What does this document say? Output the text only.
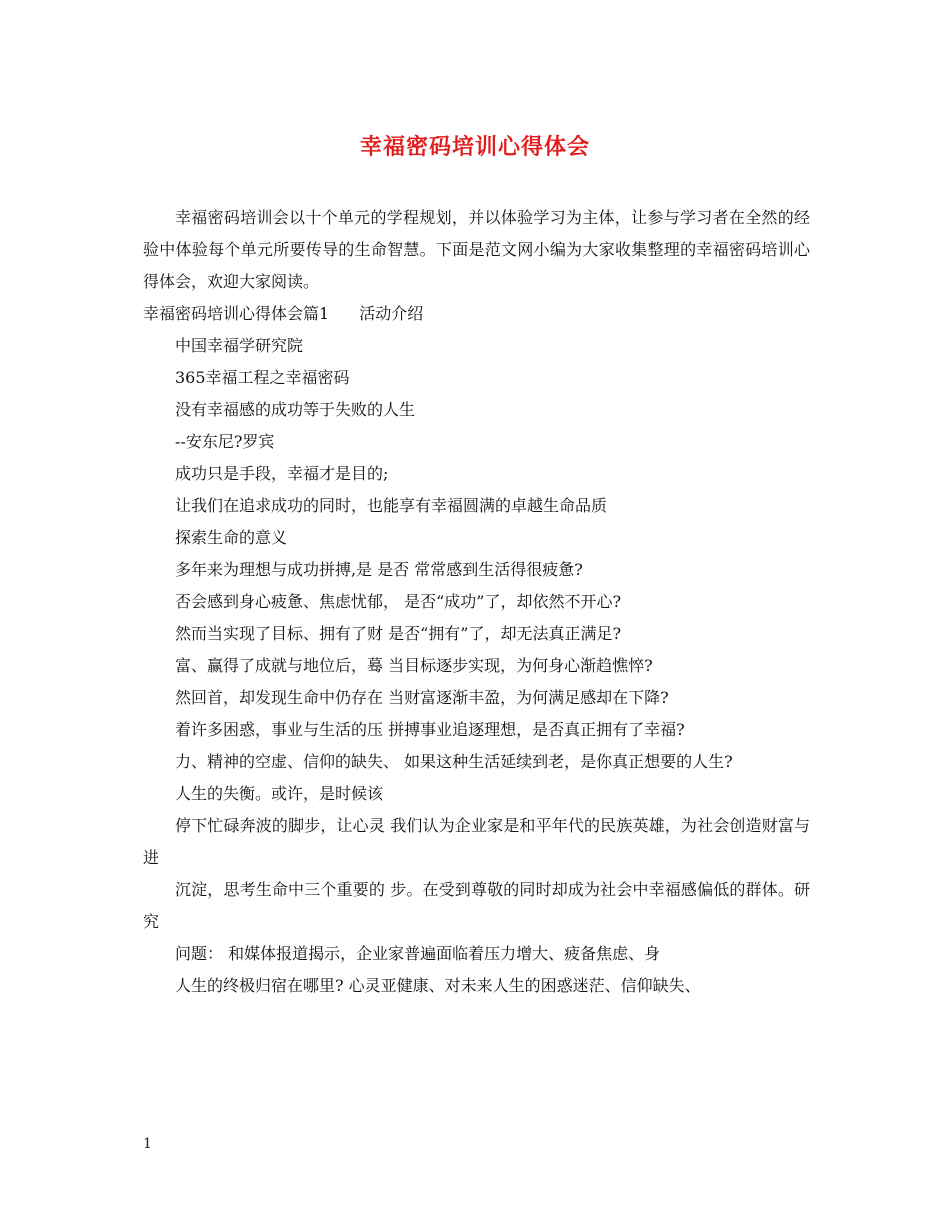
幸福密码培训心得体会

幸福密码培训会以十个单元的学程规划，并以体验学习为主体，让参与学习者在全然的经验中体验每个单元所要传导的生命智慧。下面是范文网小编为大家收集整理的幸福密码培训心得体会，欢迎大家阅读。

幸福密码培训心得体会篇1 活动介绍

中国幸福学研究院

365幸福工程之幸福密码

没有幸福感的成功等于失败的人生

--安东尼?罗宾

成功只是手段，幸福才是目的;

让我们在追求成功的同时，也能享有幸福圆满的卓越生命品质

探索生命的意义

多年来为理想与成功拼搏,是 是否 常常感到生活得很疲惫?

否会感到身心疲惫、焦虑忧郁， 是否“成功”了，却依然不开心?

然而当实现了目标、拥有了财 是否“拥有”了，却无法真正满足?

富、赢得了成就与地位后，蓦 当目标逐步实现，为何身心渐趋憔悴?

然回首，却发现生命中仍存在 当财富逐渐丰盈，为何满足感却在下降?

着许多困惑，事业与生活的压 拼搏事业追逐理想，是否真正拥有了幸福?

力、精神的空虚、信仰的缺失、 如果这种生活延续到老，是你真正想要的人生?

人生的失衡。或许，是时候该

停下忙碌奔波的脚步，让心灵 我们认为企业家是和平年代的民族英雄，为社会创造财富与进

沉淀，思考生命中三个重要的 步。在受到尊敬的同时却成为社会中幸福感偏低的群体。研究

问题： 和媒体报道揭示，企业家普遍面临着压力增大、疲备焦虑、身

人生的终极归宿在哪里? 心灵亚健康、对未来人生的困惑迷茫、信仰缺失、

1
